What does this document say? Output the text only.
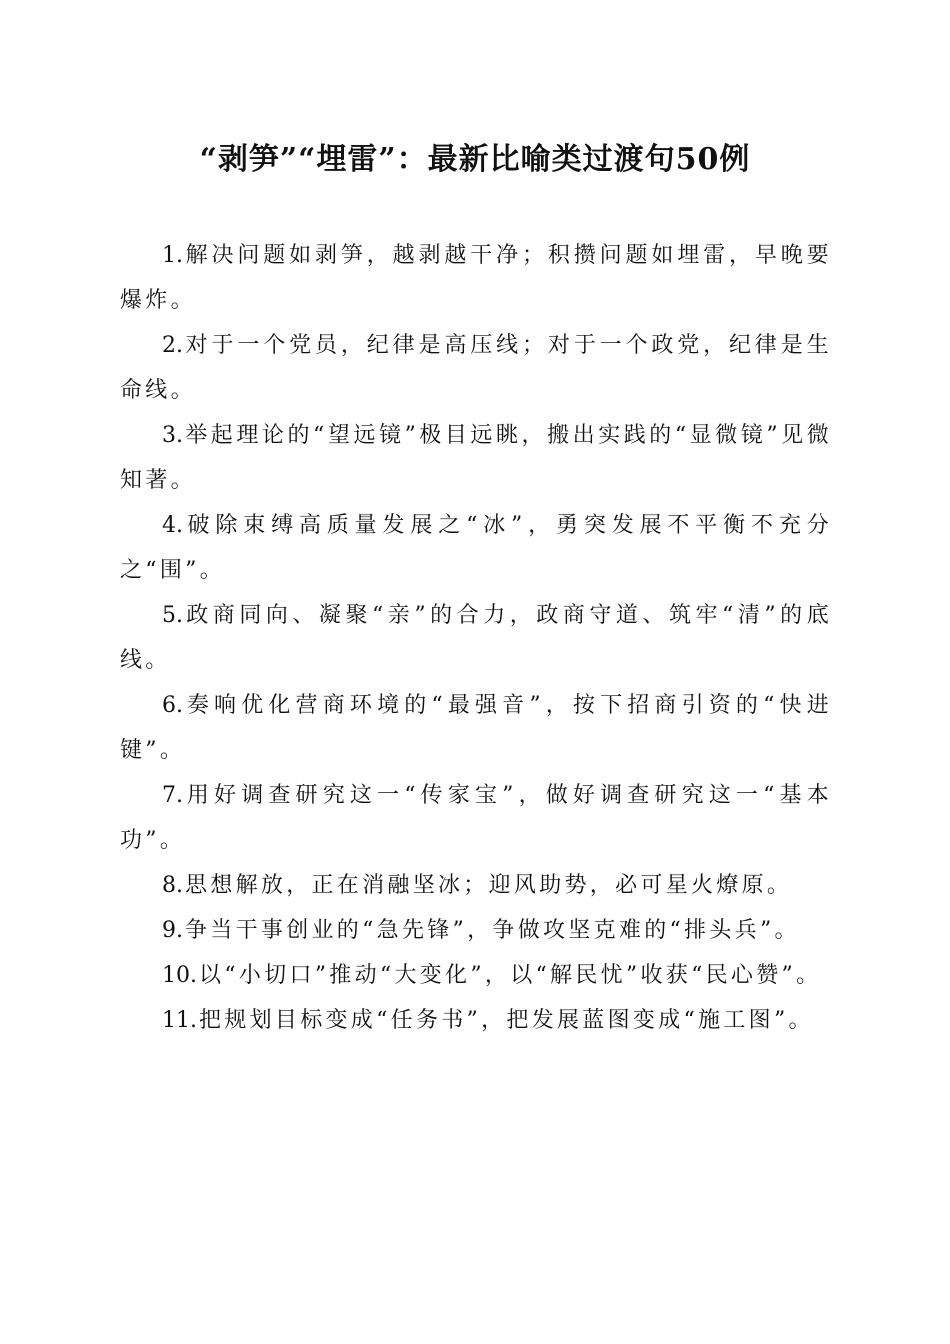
“剥笋”“埋雷”：最新比喻类过渡句50例

1.解决问题如剥笋，越剥越干净；积攒问题如埋雷，早晚要爆炸。

2.对于一个党员，纪律是高压线；对于一个政党，纪律是生命线。

3.举起理论的“望远镜”极目远眺，搬出实践的“显微镜”见微知著。

4.破除束缚高质量发展之“冰”，勇突发展不平衡不充分之“围”。

5.政商同向、凝聚“亲”的合力，政商守道、筑牢“清”的底线。

6.奏响优化营商环境的“最强音”，按下招商引资的“快进键”。

7.用好调查研究这一“传家宝”，做好调查研究这一“基本功”。

8.思想解放，正在消融坚冰；迎风助势，必可星火燎原。

9.争当干事创业的“急先锋”，争做攻坚克难的“排头兵”。

10.以“小切口”推动“大变化”，以“解民忧”收获“民心赞”。

11.把规划目标变成“任务书”，把发展蓝图变成“施工图”。
